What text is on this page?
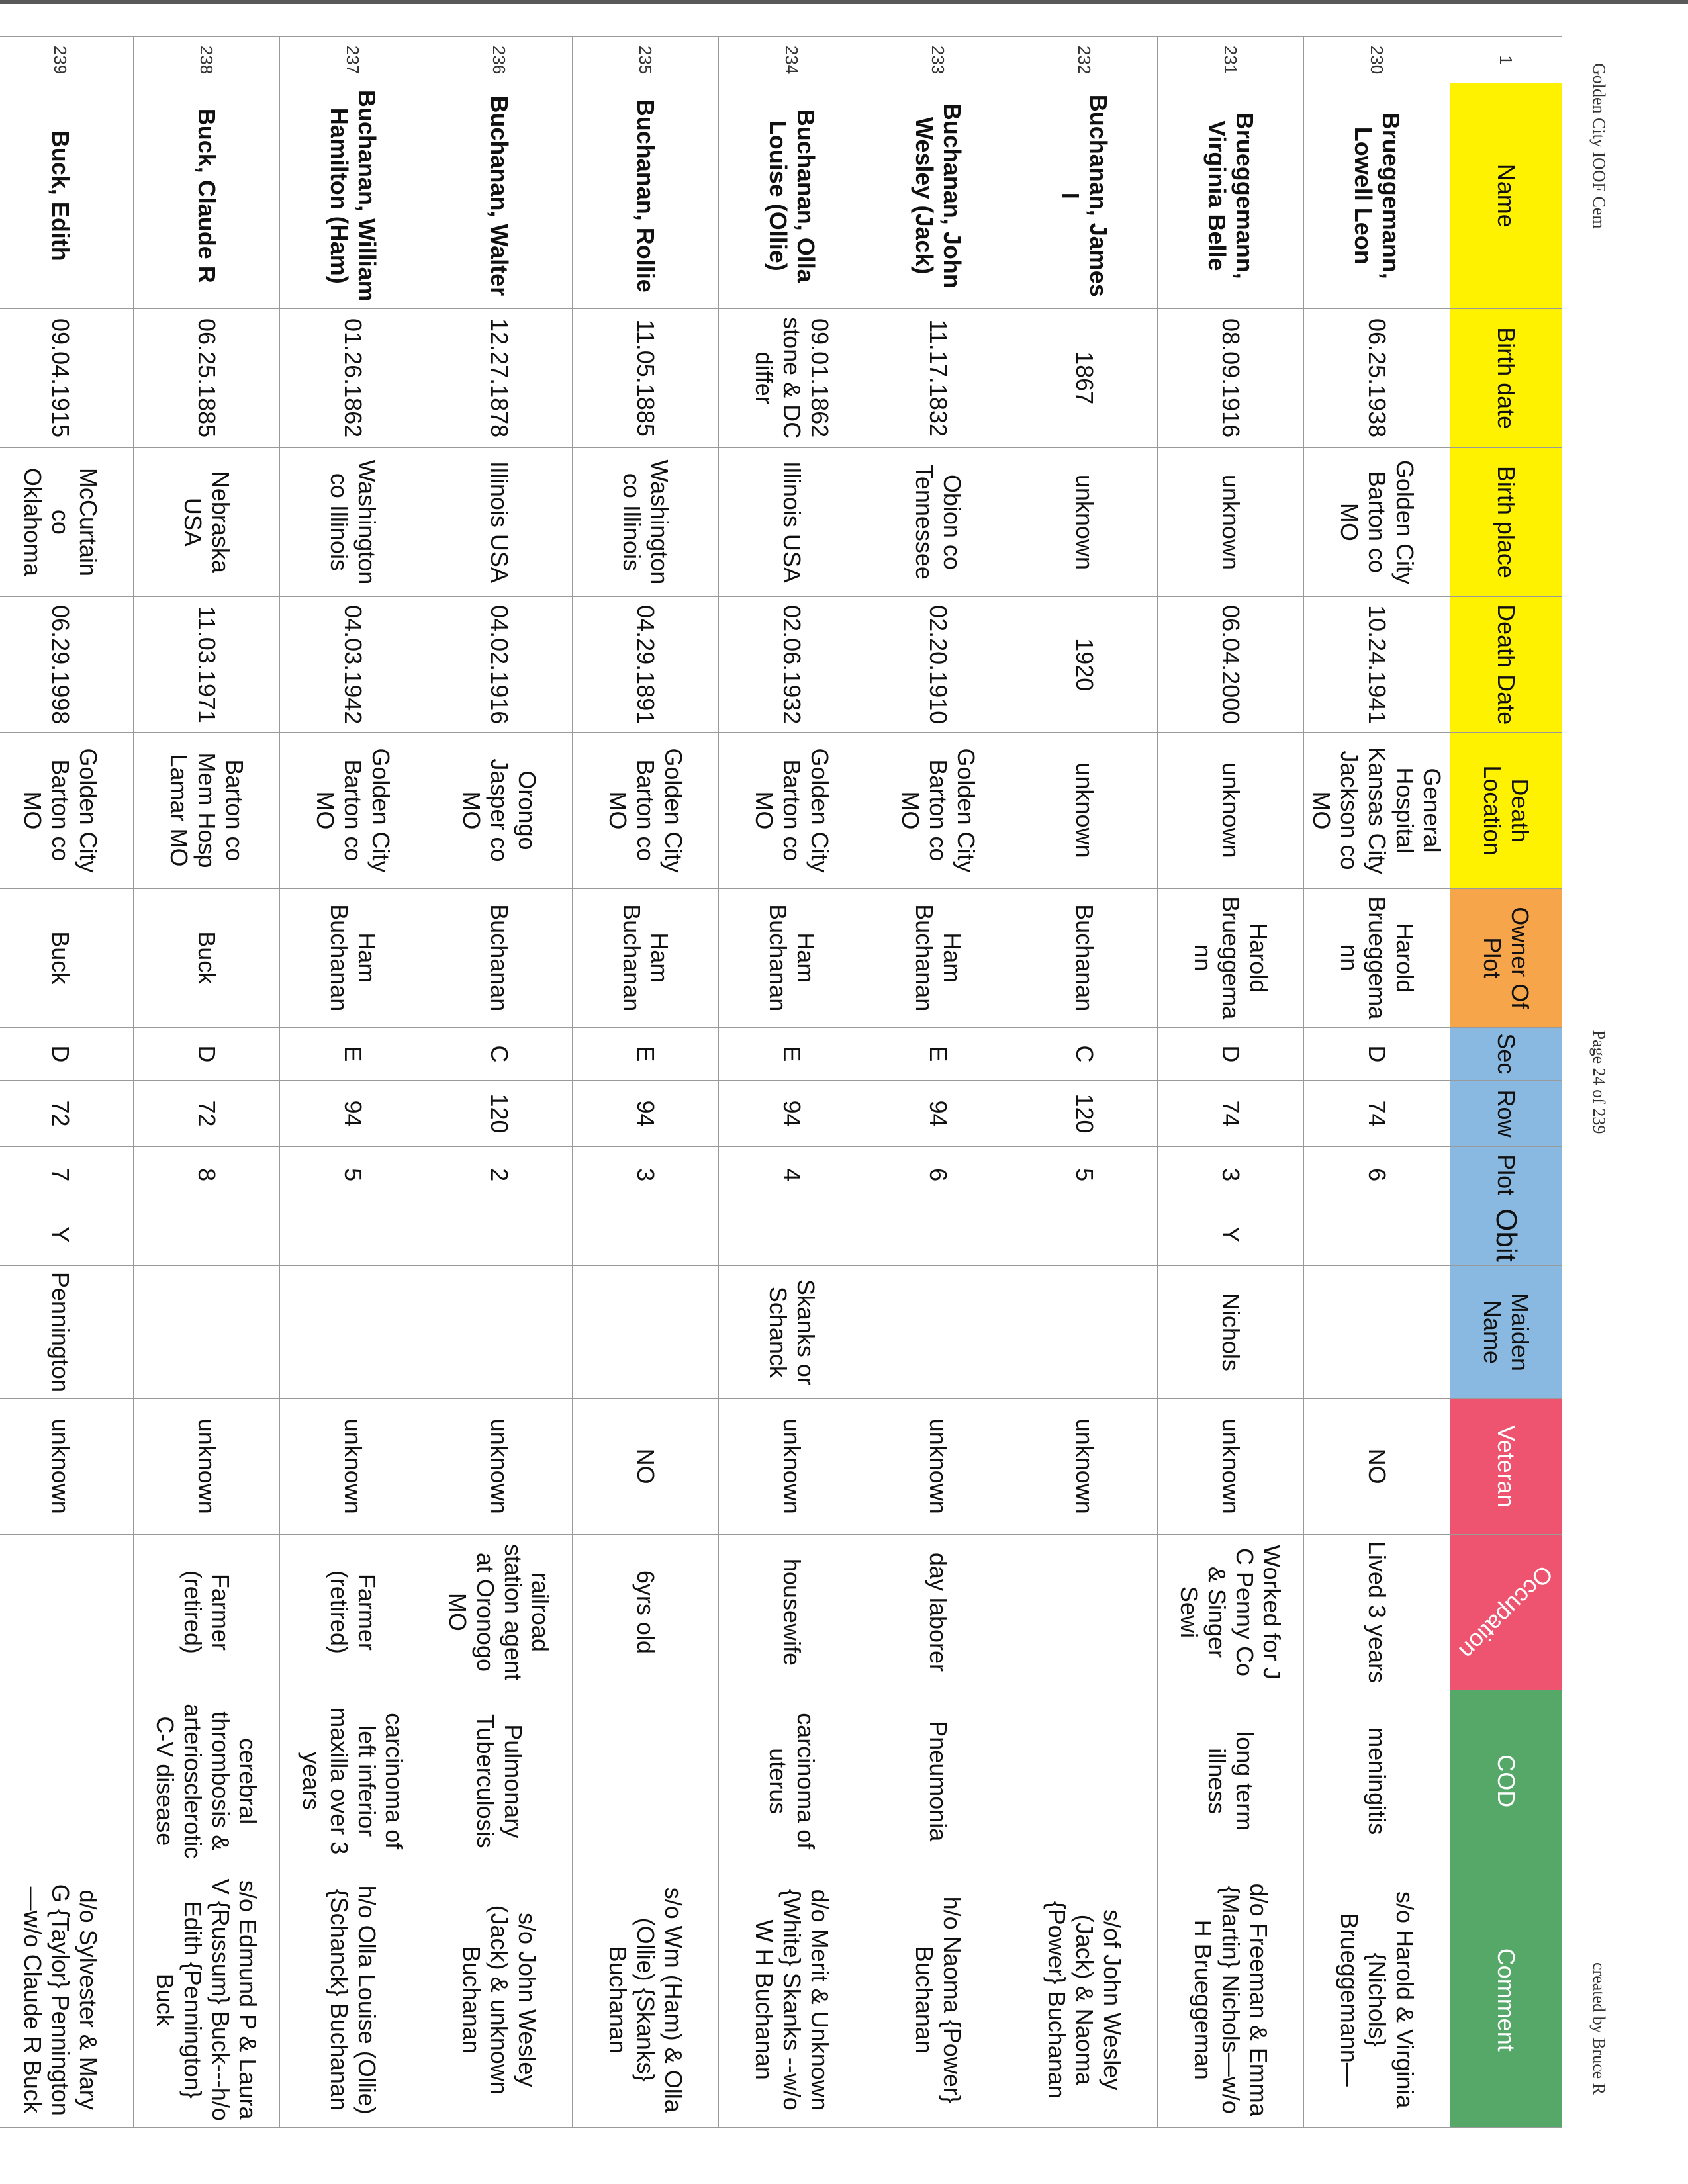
Golden City IOOF Cem
Page 24 of 239
created by Bruce R
1	Name	Birth date	Birth place	Death Date	Death Location	Owner Of Plot	Sec	Row	Plot	Obit	Maiden Name	Veteran	Occupation	COD	Comment
230	Brueggemann, Lowell Leon	06.25.1938	Golden City Barton co MO	10.24.1941	General Hospital Kansas City Jackson co MO	Harold Brueggema nn	D	74	6			NO	Lived 3 years	meningitis	s/o Harold & Virginia {Nichols} Brueggemann—
231	Brueggemann, Virginia Belle	08.09.1916	unknown	06.04.2000	unknown	Harold Brueggema nn	D	74	3	Y	Nichols	unknown	Worked for J C Penny Co & Singer Sewi	long term illness	d/o Freeman & Emma {Martin} Nichols—w/o H Brueggeman
232	Buchanan, James I	1867	unknown	1920	unknown	Buchanan	C	120	5			unknown			s/of John Wesley (Jack) & Naoma {Power} Buchanan
233	Buchanan, John Wesley (Jack)	11.17.1832	Obion co Tennessee	02.20.1910	Golden City Barton co MO	Ham Buchanan	E	94	6			unknown	day laborer	Pneumonia	h/o Naoma {Power} Buchanan
234	Buchanan, Olla Louise (Ollie)	09.01.1862 stone & DC differ	Illinois USA	02.06.1932	Golden City Barton co MO	Ham Buchanan	E	94	4		Skanks or Schanck	unknown	housewife	carcinoma of uterus	d/o Merit & Unknown {White} Skanks --w/o W H Buchanan
235	Buchanan, Rollie	11.05.1885	Washington co Illinois	04.29.1891	Golden City Barton co MO	Ham Buchanan	E	94	3			NO	6yrs old		s/o Wm (Ham) & Olla (Ollie) {Skanks} Buchanan
236	Buchanan, Walter	12.27.1878	Illinois USA	04.02.1916	Orongo Jasper co MO	Buchanan	C	120	2			unknown	railroad station agent at Oronogo MO	Pulmonary Tuberculosis	s/o John Wesley (Jack) & unknown Buchanan
237	Buchanan, William Hamilton (Ham)	01.26.1862	Washington co Illinois	04.03.1942	Golden City Barton co MO	Ham Buchanan	E	94	5			unknown	Farmer (retired)	carcinoma of left inferior maxilla over 3 years	h/o Olla Louise (Ollie) {Schanck} Buchanan
238	Buck, Claude R	06.25.1885	Nebraska USA	11.03.1971	Barton co Mem Hosp Lamar MO	Buck	D	72	8			unknown	Farmer (retired)	cerebral thrombosis & arteriosclerotic C-V disease	s/o Edmund P & Laura V {Russum} Buck---h/o Edith {Pennington} Buck
239	Buck, Edith	09.04.1915	McCurtain co Oklahoma	06.29.1998	Golden City Barton co MO	Buck	D	72	7	Y	Pennington	unknown			d/o Sylvester & Mary G {Taylor} Pennington —w/o Claude R Buck
